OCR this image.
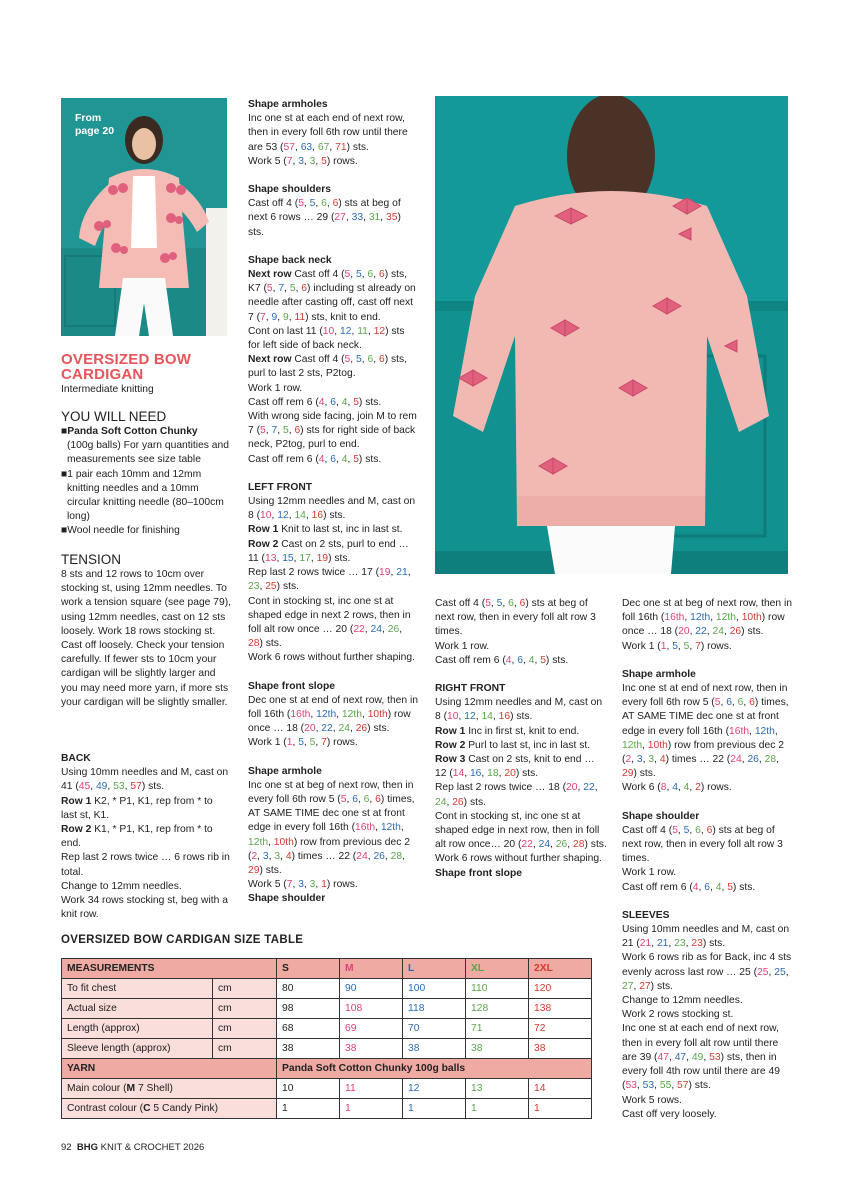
From
page 20
OVERSIZED BOW
CARDIGAN

Intermediate knitting

YOU WILL NEED

■Panda Soft Cotton Chunky

(100g balls) For yarn quantities and measurements see size table

■1 pair each 10mm and 12mm knitting needles and a 10mm circular knitting needle (80–100cm long)

■Wool needle for finishing

TENSION
8 sts and 12 rows to 10cm over stocking st, using 12mm needles. To work a tension square (see page 79), using 12mm needles, cast on 12 sts loosely. Work 18 rows stocking st. Cast off loosely. Check your tension carefully. If fewer sts to 10cm your cardigan will be slightly larger and you may need more yarn, if more sts your cardigan will be slightly smaller.

BACK

Using 10mm needles and M, cast on 41 (45, 49, 53, 57) sts.

Row 1 K2, * P1, K1, rep from * to last st, K1.

Row 2 K1, * P1, K1, rep from * to end.

Rep last 2 rows twice … 6 rows rib in total.

Change to 12mm needles.

Work 34 rows stocking st, beg with a knit row.

Shape armholes

Inc one st at each end of next row, then in every foll 6th row until there are 53 (57, 63, 67, 71) sts.

Work 5 (7, 3, 3, 5) rows.

Shape shoulders

Cast off 4 (5, 5, 6, 6) sts at beg of next 6 rows … 29 (27, 33, 31, 35) sts.

Shape back neck

Next row Cast off 4 (5, 5, 6, 6) sts, K7 (5, 7, 5, 6) including st already on needle after casting off, cast off next 7 (7, 9, 9, 11) sts, knit to end.

Cont on last 11 (10, 12, 11, 12) sts for left side of back neck.

Next row Cast off 4 (5, 5, 6, 6) sts, purl to last 2 sts, P2tog.

Work 1 row.

Cast off rem 6 (4, 6, 4, 5) sts.

With wrong side facing, join M to rem 7 (5, 7, 5, 6) sts for right side of back neck, P2tog, purl to end.

Cast off rem 6 (4, 6, 4, 5) sts.

LEFT FRONT

Using 12mm needles and M, cast on 8 (10, 12, 14, 16) sts.

Row 1 Knit to last st, inc in last st.

Row 2 Cast on 2 sts, purl to end … 11 (13, 15, 17, 19) sts.

Rep last 2 rows twice … 17 (19, 21, 23, 25) sts.

Cont in stocking st, inc one st at shaped edge in next 2 rows, then in foll alt row once … 20 (22, 24, 26, 28) sts.

Work 6 rows without further shaping.

Shape front slope

Dec one st at end of next row, then in foll 16th (16th, 12th, 12th, 10th) row once … 18 (20, 22, 24, 26) sts.

Work 1 (1, 5, 5, 7) rows.

Shape armhole

Inc one st at beg of next row, then in every foll 6th row 5 (5, 6, 6, 6) times, AT SAME TIME dec one st at front edge in every foll 16th (16th, 12th, 12th, 10th) row from previous dec 2 (2, 3, 3, 4) times … 22 (24, 26, 28, 29) sts.

Work 5 (7, 3, 3, 1) rows.

Shape shoulder

Cast off 4 (5, 5, 6, 6) sts at beg of next row, then in every foll alt row 3 times.

Work 1 row.

Cast off rem 6 (4, 6, 4, 5) sts.

RIGHT FRONT

Using 12mm needles and M, cast on 8 (10, 12, 14, 16) sts.

Row 1 Inc in first st, knit to end.

Row 2 Purl to last st, inc in last st.

Row 3 Cast on 2 sts, knit to end … 12 (14, 16, 18, 20) sts.

Rep last 2 rows twice … 18 (20, 22, 24, 26) sts.

Cont in stocking st, inc one st at shaped edge in next row, then in foll alt row once… 20 (22, 24, 26, 28) sts.

Work 6 rows without further shaping.

Shape front slope

Dec one st at beg of next row, then in foll 16th (16th, 12th, 12th, 10th) row once … 18 (20, 22, 24, 26) sts.

Work 1 (1, 5, 5, 7) rows.

Shape armhole

Inc one st at end of next row, then in every foll 6th row 5 (5, 6, 6, 6) times, AT SAME TIME dec one st at front edge in every foll 16th (16th, 12th, 12th, 10th) row from previous dec 2 (2, 3, 3, 4) times … 22 (24, 26, 28, 29) sts.

Work 6 (8, 4, 4, 2) rows.

Shape shoulder

Cast off 4 (5, 5, 6, 6) sts at beg of next row, then in every foll alt row 3 times.

Work 1 row.

Cast off rem 6 (4, 6, 4, 5) sts.

SLEEVES

Using 10mm needles and M, cast on 21 (21, 21, 23, 23) sts.

Work 6 rows rib as for Back, inc 4 sts evenly across last row … 25 (25, 25, 27, 27) sts.

Change to 12mm needles.

Work 2 rows stocking st.

Inc one st at each end of next row, then in every foll alt row until there are 39 (47, 47, 49, 53) sts, then in every foll 4th row until there are 49 (53, 53, 55, 57) sts.

Work 5 rows.

Cast off very loosely.

OVERSIZED BOW CARDIGAN SIZE TABLE
MEASUREMENTS		S	M	L	XL	2XL
To fit chest	cm	80	90	100	110	120
Actual size	cm	98	108	118	128	138
Length (approx)	cm	68	69	70	71	72
Sleeve length (approx)	cm	38	38	38	38	38
YARN		Panda Soft Cotton Chunky 100g balls				
Main colour (M 7 Shell)		10	11	12	13	14
Contrast colour (C 5 Candy Pink)		1	1	1	1	1
92 BHG KNIT & CROCHET 2026
